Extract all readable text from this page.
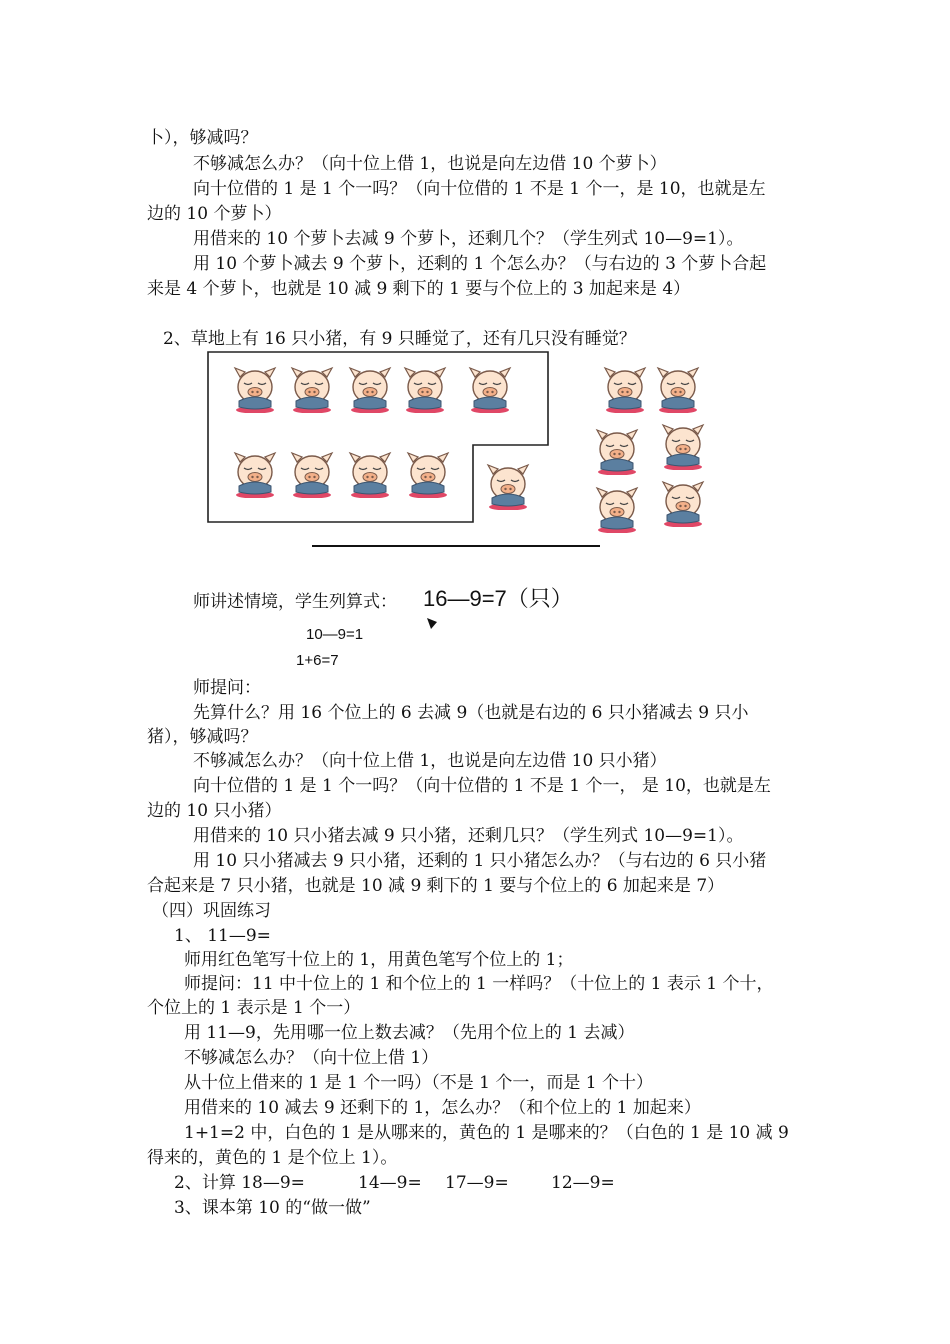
卜），够减吗？
不够减怎么办？（向十位上借 1，也说是向左边借 10 个萝卜）
向十位借的 1 是 1 个一吗？（向十位借的 1 不是 1 个一，是 10，也就是左
边的 10 个萝卜）
用借来的 10 个萝卜去减 9 个萝卜，还剩几个？（学生列式 10—9=1）。
用 10 个萝卜减去 9 个萝卜，还剩的 1 个怎么办？（与右边的 3 个萝卜合起
来是 4 个萝卜，也就是 10 减 9 剩下的 1 要与个位上的 3 加起来是 4）
2、草地上有 16 只小猪，有 9 只睡觉了，还有几只没有睡觉？
师讲述情境，学生列算式： 16—9=7（只）
10—9=1
1+6=7
师提问：
先算什么？用 16 个位上的 6 去减 9（也就是右边的 6 只小猪减去 9 只小
猪），够减吗？
不够减怎么办？（向十位上借 1，也说是向左边借 10 只小猪）
向十位借的 1 是 1 个一吗？（向十位借的 1 不是 1 个一， 是 10，也就是左
边的 10 只小猪）
用借来的 10 只小猪去减 9 只小猪，还剩几只？（学生列式 10—9=1）。
用 10 只小猪减去 9 只小猪，还剩的 1 只小猪怎么办？（与右边的 6 只小猪
合起来是 7 只小猪，也就是 10 减 9 剩下的 1 要与个位上的 6 加起来是 7）
（四）巩固练习
1、 11—9=
师用红色笔写十位上的 1，用黄色笔写个位上的 1；
师提问：11 中十位上的 1 和个位上的 1 一样吗？（十位上的 1 表示 1 个十，
个位上的 1 表示是 1 个一）
用 11—9，先用哪一位上数去减？（先用个位上的 1 去减）
不够减怎么办？（向十位上借 1）
从十位上借来的 1 是 1 个一吗）（不是 1 个一，而是 1 个十）
用借来的 10 减去 9 还剩下的 1，怎么办？（和个位上的 1 加起来）
1+1=2 中，白色的 1 是从哪来的，黄色的 1 是哪来的？（白色的 1 是 10 减 9
得来的，黄色的 1 是个位上 1）。
2、计算 18—9=	14—9= 17—9= 12—9=
3、课本第 10 的“做一做”
